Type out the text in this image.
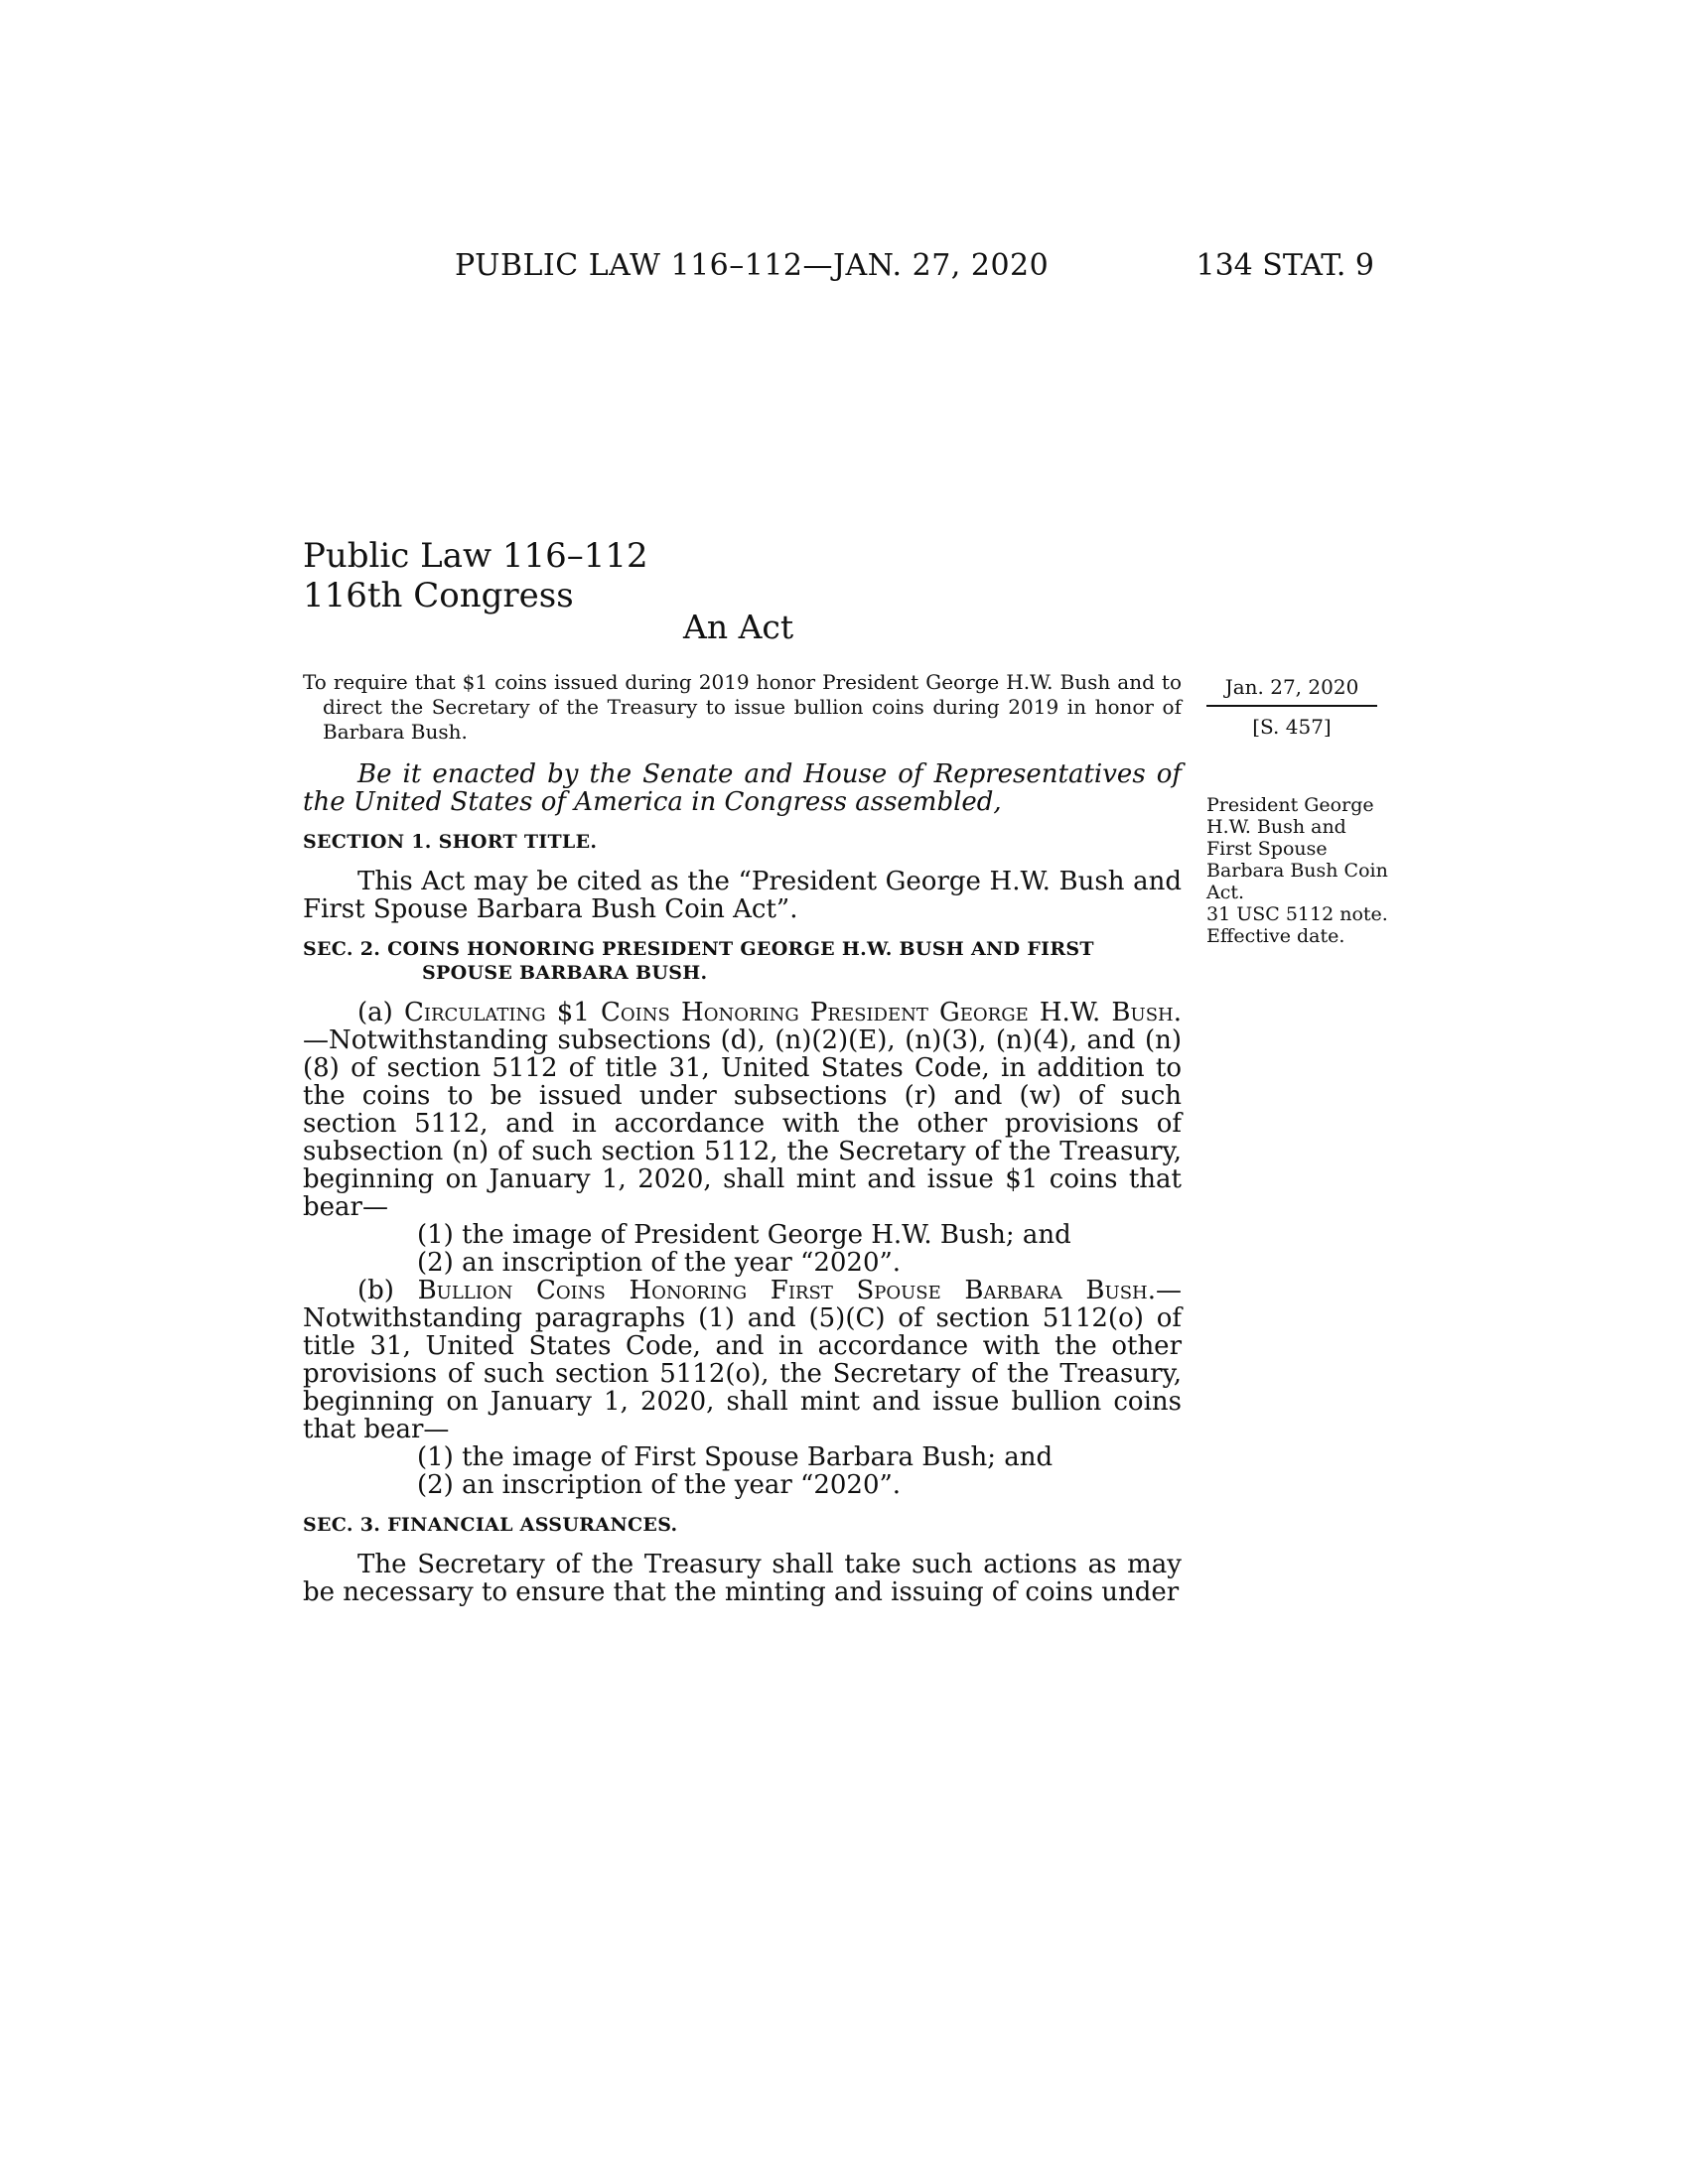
PUBLIC LAW 116–112—JAN. 27, 2020	134 STAT. 9
Public Law 116–112
116th Congress
An Act
To require that $1 coins issued during 2019 honor President George H.W. Bush and to direct the Secretary of the Treasury to issue bullion coins during 2019 in honor of Barbara Bush.
Jan. 27, 2020
[S. 457]
President George H.W. Bush and First Spouse Barbara Bush Coin Act.
31 USC 5112 note.
Effective date.

Be it enacted by the Senate and House of Representatives of the United States of America in Congress assembled,

SECTION 1. SHORT TITLE.

This Act may be cited as the “President George H.W. Bush and First Spouse Barbara Bush Coin Act”.

SEC. 2. COINS HONORING PRESIDENT GEORGE H.W. BUSH AND FIRST SPOUSE BARBARA BUSH.

(a) Circulating $1 Coins Honoring President George H.W. Bush.—Notwithstanding subsections (d), (n)(2)(E), (n)(3), (n)(4), and (n)(8) of section 5112 of title 31, United States Code, in addition to the coins to be issued under subsections (r) and (w) of such section 5112, and in accordance with the other provisions of subsection (n) of such section 5112, the Secretary of the Treasury, beginning on January 1, 2020, shall mint and issue $1 coins that bear—

(1) the image of President George H.W. Bush; and

(2) an inscription of the year “2020”.

(b) Bullion Coins Honoring First Spouse Barbara Bush.—Notwithstanding paragraphs (1) and (5)(C) of section 5112(o) of title 31, United States Code, and in accordance with the other provisions of such section 5112(o), the Secretary of the Treasury, beginning on January 1, 2020, shall mint and issue bullion coins that bear—

(1) the image of First Spouse Barbara Bush; and

(2) an inscription of the year “2020”.

SEC. 3. FINANCIAL ASSURANCES.

The Secretary of the Treasury shall take such actions as may be necessary to ensure that the minting and issuing of coins under
